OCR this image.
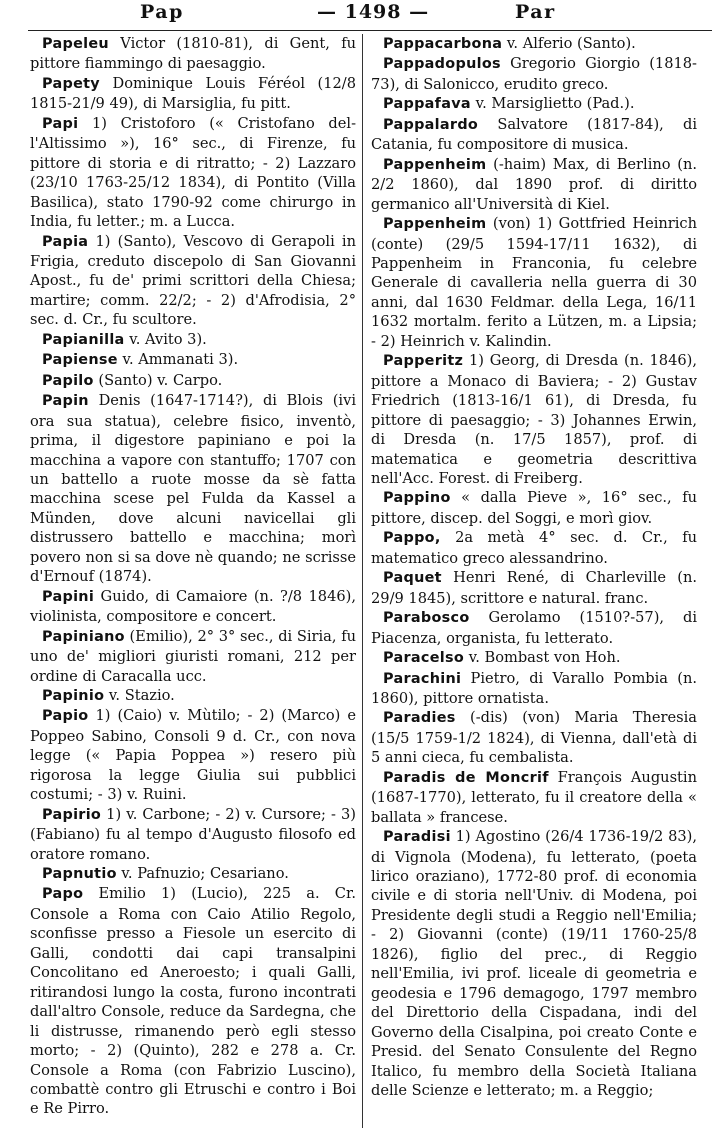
Pap	— 1498 —	Par

Papeleu Victor (1810-81), di Gent, fu pittore fiammingo di paesaggio.

Papety Dominique Louis Féréol (12/8 1815-21/9 49), di Marsiglia, fu pitt.

Papi 1) Cristoforo (« Cristofano del-l'Altissimo »), 16° sec., di Firenze, fu pittore di storia e di ritratto; - 2) Lazzaro (23/10 1763-25/12 1834), di Pontito (Villa Basilica), stato 1790-92 come chirurgo in India, fu letter.; m. a Lucca.

Papia 1) (Santo), Vescovo di Gerapoli in Frigia, creduto discepolo di San Giovanni Apost., fu de' primi scrittori della Chiesa; martire; comm. 22/2; - 2) d'Afrodisia, 2° sec. d. Cr., fu scultore.

Papianilla v. Avito 3).

Papiense v. Ammanati 3).

Papilo (Santo) v. Carpo.

Papin Denis (1647-1714?), di Blois (ivi ora sua statua), celebre fisico, inventò, prima, il digestore papiniano e poi la macchina a vapore con stantuffo; 1707 con un battello a ruote mosse da sè fatta macchina scese pel Fulda da Kassel a Münden, dove alcuni navicellai gli distrussero battello e macchina; morì povero non si sa dove nè quando; ne scrisse d'Ernouf (1874).

Papini Guido, di Camaiore (n. ?/8 1846), violinista, compositore e concert.

Papiniano (Emilio), 2° 3° sec., di Siria, fu uno de' migliori giuristi romani, 212 per ordine di Caracalla ucc.

Papinio v. Stazio.

Papio 1) (Caio) v. Mùtilo; - 2) (Marco) e Poppeo Sabino, Consoli 9 d. Cr., con nova legge (« Papia Poppea ») resero più rigorosa la legge Giulia sui pubblici costumi; - 3) v. Ruini.

Papirio 1) v. Carbone; - 2) v. Cursore; - 3) (Fabiano) fu al tempo d'Augusto filosofo ed oratore romano.

Papnutio v. Pafnuzio; Cesariano.

Papo Emilio 1) (Lucio), 225 a. Cr. Console a Roma con Caio Atilio Regolo, sconfisse presso a Fiesole un esercito di Galli, condotti dai capi transalpini Concolitano ed Aneroesto; i quali Galli, ritirandosi lungo la costa, furono incontrati dall'altro Console, reduce da Sardegna, che li distrusse, rimanendo però egli stesso morto; - 2) (Quinto), 282 e 278 a. Cr. Console a Roma (con Fabrizio Luscino), combattè contro gli Etruschi e contro i Boi e Re Pirro.

Pappacarbona v. Alferio (Santo).

Pappadopulos Gregorio Giorgio (1818-73), di Salonicco, erudito greco.

Pappafava v. Marsiglietto (Pad.).

Pappalardo Salvatore (1817-84), di Catania, fu compositore di musica.

Pappenheim (-haim) Max, di Berlino (n. 2/2 1860), dal 1890 prof. di diritto germanico all'Università di Kiel.

Pappenheim (von) 1) Gottfried Heinrich (conte) (29/5 1594-17/11 1632), di Pappenheim in Franconia, fu celebre Generale di cavalleria nella guerra di 30 anni, dal 1630 Feldmar. della Lega, 16/11 1632 mortalm. ferito a Lützen, m. a Lipsia; - 2) Heinrich v. Kalindin.

Papperitz 1) Georg, di Dresda (n. 1846), pittore a Monaco di Baviera; - 2) Gustav Friedrich (1813-16/1 61), di Dresda, fu pittore di paesaggio; - 3) Johannes Erwin, di Dresda (n. 17/5 1857), prof. di matematica e geometria descrittiva nell'Acc. Forest. di Freiberg.

Pappino « dalla Pieve », 16° sec., fu pittore, discep. del Soggi, e morì giov.

Pappo, 2a metà 4° sec. d. Cr., fu matematico greco alessandrino.

Paquet Henri René, di Charleville (n. 29/9 1845), scrittore e natural. franc.

Parabosco Gerolamo (1510?-57), di Piacenza, organista, fu letterato.

Paracelso v. Bombast von Hoh.

Parachini Pietro, di Varallo Pombia (n. 1860), pittore ornatista.

Paradies (-dis) (von) Maria Theresia (15/5 1759-1/2 1824), di Vienna, dall'età di 5 anni cieca, fu cembalista.

Paradis de Moncrif François Augustin (1687-1770), letterato, fu il creatore della « ballata » francese.

Paradisi 1) Agostino (26/4 1736-19/2 83), di Vignola (Modena), fu letterato, (poeta lirico oraziano), 1772-80 prof. di economia civile e di storia nell'Univ. di Modena, poi Presidente degli studi a Reggio nell'Emilia; - 2) Giovanni (conte) (19/11 1760-25/8 1826), figlio del prec., di Reggio nell'Emilia, ivi prof. liceale di geometria e geodesia e 1796 demagogo, 1797 membro del Direttorio della Cispadana, indi del Governo della Cisalpina, poi creato Conte e Presid. del Senato Consulente del Regno Italico, fu membro della Società Italiana delle Scienze e letterato; m. a Reggio;
